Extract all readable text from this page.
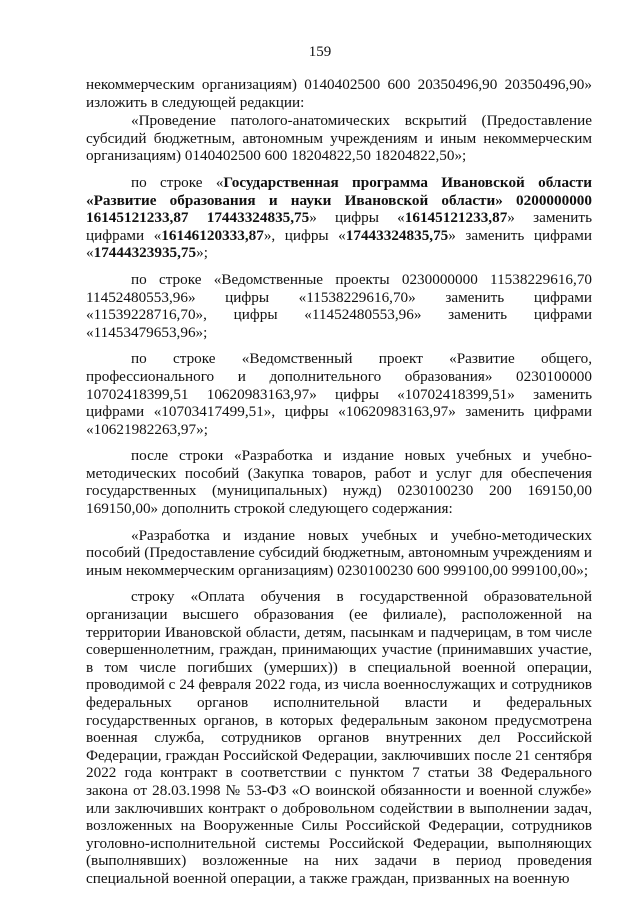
159

некоммерческим организациям) 0140402500 600 20350496,90 20350496,90» изложить в следующей редакции:

«Проведение патолого-анатомических вскрытий (Предоставление субсидий бюджетным, автономным учреждениям и иным некоммерческим организациям) 0140402500 600 18204822,50 18204822,50»;

по строке «Государственная программа Ивановской области «Развитие образования и науки Ивановской области» 0200000000 16145121233,87 17443324835,75» цифры «16145121233,87» заменить цифрами «16146120333,87», цифры «17443324835,75» заменить цифрами «17444323935,75»;

по строке «Ведомственные проекты 0230000000 11538229616,70 11452480553,96» цифры «11538229616,70» заменить цифрами «11539228716,70», цифры «11452480553,96» заменить цифрами «11453479653,96»;

по строке «Ведомственный проект «Развитие общего, профессионального и дополнительного образования» 0230100000 10702418399,51 10620983163,97» цифры «10702418399,51» заменить цифрами «10703417499,51», цифры «10620983163,97» заменить цифрами «10621982263,97»;

после строки «Разработка и издание новых учебных и учебно-методических пособий (Закупка товаров, работ и услуг для обеспечения государственных (муниципальных) нужд) 0230100230 200 169150,00 169150,00» дополнить строкой следующего содержания:

«Разработка и издание новых учебных и учебно-методических пособий (Предоставление субсидий бюджетным, автономным учреждениям и иным некоммерческим организациям) 0230100230 600 999100,00 999100,00»;

строку «Оплата обучения в государственной образовательной организации высшего образования (ее филиале), расположенной на территории Ивановской области, детям, пасынкам и падчерицам, в том числе совершеннолетним, граждан, принимающих участие (принимавших участие, в том числе погибших (умерших)) в специальной военной операции, проводимой с 24 февраля 2022 года, из числа военнослужащих и сотрудников федеральных органов исполнительной власти и федеральных государственных органов, в которых федеральным законом предусмотрена военная служба, сотрудников органов внутренних дел Российской Федерации, граждан Российской Федерации, заключивших после 21 сентября 2022 года контракт в соответствии с пунктом 7 статьи 38 Федерального закона от 28.03.1998 № 53-ФЗ «О воинской обязанности и военной службе» или заключивших контракт о добровольном содействии в выполнении задач, возложенных на Вооруженные Силы Российской Федерации, сотрудников уголовно-исполнительной системы Российской Федерации, выполняющих (выполнявших) возложенные на них задачи в период проведения специальной военной операции, а также граждан, призванных на военную
